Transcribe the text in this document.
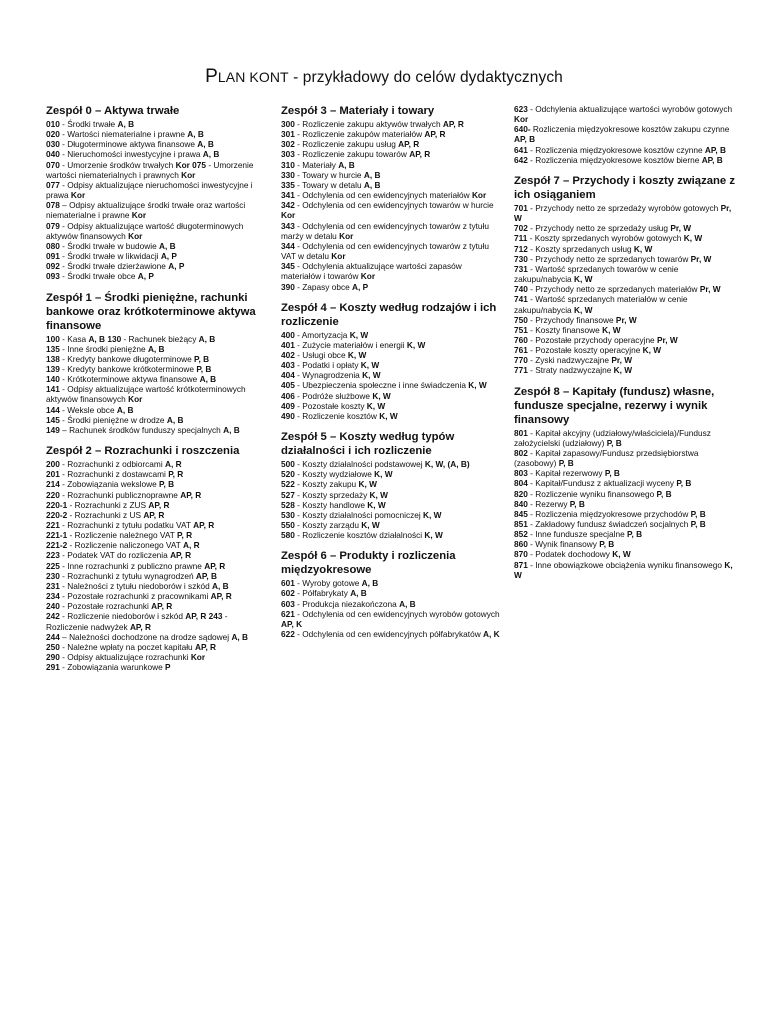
PLAN KONT - przykładowy do celów dydaktycznych
Zespół 0 – Aktywa trwałe
010 - Środki trwałe A, B
020 - Wartości niematerialne i prawne A, B
030 - Długoterminowe aktywa finansowe A, B
040 - Nieruchomości inwestycyjne i prawa A, B
070 - Umorzenie środków trwałych Kor 075 - Umorzenie wartości niematerialnych i prawnych Kor
077 - Odpisy aktualizujące nieruchomości inwestycyjne i prawa Kor
078 – Odpisy aktualizujące środki trwałe oraz wartości niematerialne i prawne Kor
079 - Odpisy aktualizujące wartość długoterminowych aktywów finansowych Kor
080 - Środki trwałe w budowie A, B
091 - Środki trwałe w likwidacji A, P
092 - Środki trwałe dzierżawione A, P
093 - Środki trwałe obce A, P
Zespół 1 – Środki pieniężne, rachunki bankowe oraz krótkoterminowe aktywa finansowe
100 - Kasa A, B 130 - Rachunek bieżący A, B
135 - Inne środki pieniężne A, B
138 - Kredyty bankowe długoterminowe P, B
139 - Kredyty bankowe krótkoterminowe P, B
140 - Krótkoterminowe aktywa finansowe A, B
141 - Odpisy aktualizujące wartość krótkoterminowych aktywów finansowych Kor
144 - Weksle obce A, B
145 - Środki pieniężne w drodze A, B
149 – Rachunek środków funduszy specjalnych A, B
Zespół 2 – Rozrachunki i roszczenia
200 - Rozrachunki z odbiorcami A, R
201 - Rozrachunki z dostawcami P, R
214 - Zobowiązania wekslowe P, B
220 - Rozrachunki publicznoprawne AP, R
220-1 - Rozrachunki z ZUS AP, R
220-2 - Rozrachunki z US AP, R
221 - Rozrachunki z tytułu podatku VAT AP, R
221-1 - Rozliczenie należnego VAT P, R
221-2 - Rozliczenie naliczonego VAT A, R
223 - Podatek VAT do rozliczenia AP, R
225 - Inne rozrachunki z publiczno prawne AP, R
230 - Rozrachunki z tytułu wynagrodzeń AP, B
231 - Należności z tytułu niedoborów i szkód A, B
234 - Pozostałe rozrachunki z pracownikami AP, R
240 - Pozostałe rozrachunki AP, R
242 - Rozliczenie niedoborów i szkód AP, R 243 - Rozliczenie nadwyżek AP, R
244 – Należności dochodzone na drodze sądowej A, B
250 - Należne wpłaty na poczet kapitału AP, R
290 - Odpisy aktualizujące rozrachunki Kor
291 - Zobowiązania warunkowe P
Zespół 3 – Materiały i towary
300 - Rozliczenie zakupu aktywów trwałych AP, R
301 - Rozliczenie zakupów materiałów AP, R
302 - Rozliczenie zakupu usług AP, R
303 - Rozliczenie zakupu towarów AP, R
310 - Materiały A, B
330 - Towary w hurcie A, B
335 - Towary w detalu A, B
341 - Odchylenia od cen ewidencyjnych materiałów Kor
342 - Odchylenia od cen ewidencyjnych towarów w hurcie Kor
343 - Odchylenia od cen ewidencyjnych towarów z tytułu marży w detalu Kor
344 - Odchylenia od cen ewidencyjnych towarów z tytułu VAT w detalu Kor
345 - Odchylenia aktualizujące wartości zapasów materiałów i towarów Kor
390 - Zapasy obce A, P
Zespół 4 – Koszty według rodzajów i ich rozliczenie
400 - Amortyzacja K, W
401 - Zużycie materiałów i energii K, W
402 - Usługi obce K, W
403 - Podatki i opłaty K, W
404 - Wynagrodzenia K, W
405 - Ubezpieczenia społeczne i inne świadczenia K, W
406 - Podróże służbowe K, W
409 - Pozostałe koszty K, W
490 - Rozliczenie kosztów K, W
Zespół 5 – Koszty według typów działalności i ich rozliczenie
500 - Koszty działalności podstawowej K, W, (A, B)
520 - Koszty wydziałowe K, W
522 - Koszty zakupu K, W
527 - Koszty sprzedaży K, W
528 - Koszty handlowe K, W
530 - Koszty działalności pomocniczej K, W
550 - Koszty zarządu K, W
580 - Rozliczenie kosztów działalności K, W
Zespół 6 – Produkty i rozliczenia międzyokresowe
601 - Wyroby gotowe A, B
602 - Półfabrykaty A, B
603 - Produkcja niezakończona A, B
621 - Odchylenia od cen ewidencyjnych wyrobów gotowych AP, K
622 - Odchylenia od cen ewidencyjnych półfabrykatów A, K
623 - Odchylenia aktualizujące wartości wyrobów gotowych Kor
640- Rozliczenia międzyokresowe kosztów zakupu czynne AP, B
641 - Rozliczenia międzyokresowe kosztów czynne AP, B
642 - Rozliczenia międzyokresowe kosztów bierne AP, B
Zespół 7 – Przychody i koszty związane z ich osiąganiem
701 - Przychody netto ze sprzedaży wyrobów gotowych Pr, W
702 - Przychody netto ze sprzedaży usług Pr, W
711 - Koszty sprzedanych wyrobów gotowych K, W
712 - Koszty sprzedanych usług K, W
730 - Przychody netto ze sprzedanych towarów Pr, W
731 - Wartość sprzedanych towarów w cenie zakupu/nabycia K, W
740 - Przychody netto ze sprzedanych materiałów Pr, W
741 - Wartość sprzedanych materiałów w cenie zakupu/nabycia K, W
750 - Przychody finansowe Pr, W
751 - Koszty finansowe K, W
760 - Pozostałe przychody operacyjne Pr, W
761 - Pozostałe koszty operacyjne K, W
770 - Zyski nadzwyczajne Pr, W
771 - Straty nadzwyczajne K, W
Zespół 8 – Kapitały (fundusz) własne, fundusze specjalne, rezerwy i wynik finansowy
801 - Kapitał akcyjny (udziałowy/właściciela)/Fundusz założycielski (udziałowy) P, B
802 - Kapitał zapasowy/Fundusz przedsiębiorstwa (zasobowy) P, B
803 - Kapitał rezerwowy P, B
804 - Kapitał/Fundusz z aktualizacji wyceny P, B
820 - Rozliczenie wyniku finansowego P, B
840 - Rezerwy P, B
845 - Rozliczenia międzyokresowe przychodów P, B
851 - Zakładowy fundusz świadczeń socjalnych P, B
852 - Inne fundusze specjalne P, B
860 - Wynik finansowy P, B
870 - Podatek dochodowy K, W
871 - Inne obowiązkowe obciążenia wyniku finansowego K, W
